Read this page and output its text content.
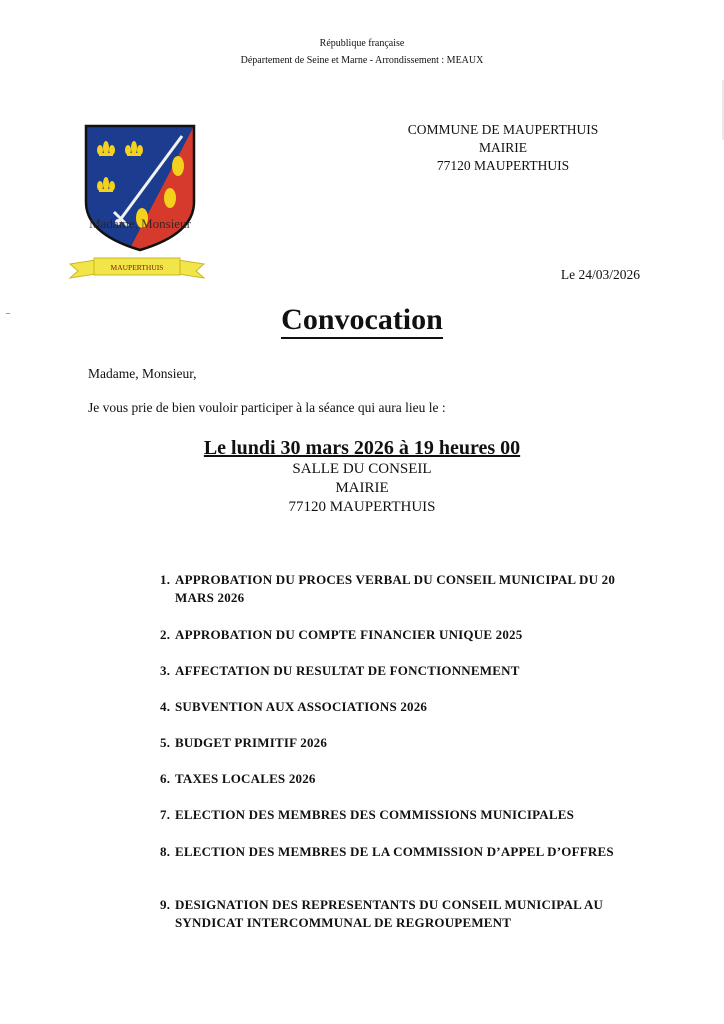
République française
Département de Seine et Marne - Arrondissement : MEAUX
Madame, Monsieur
MAUPERTHUIS
COMMUNE DE MAUPERTHUIS
MAIRIE
77120 MAUPERTHUIS
Le 24/03/2026
Convocation
Madame, Monsieur,
Je vous prie de bien vouloir participer à la séance qui aura lieu le :
Le lundi 30 mars 2026 à 19 heures 00
SALLE DU CONSEIL
MAIRIE
77120 MAUPERTHUIS
1. APPROBATION DU PROCES VERBAL DU CONSEIL MUNICIPAL DU 20 MARS 2026
2. APPROBATION DU COMPTE FINANCIER UNIQUE 2025
3. AFFECTATION DU RESULTAT DE FONCTIONNEMENT
4. SUBVENTION AUX ASSOCIATIONS 2026
5. BUDGET PRIMITIF 2026
6. TAXES LOCALES 2026
7. ELECTION DES MEMBRES DES COMMISSIONS MUNICIPALES
8. ELECTION DES MEMBRES DE LA COMMISSION D’APPEL D’OFFRES
9. DESIGNATION DES REPRESENTANTS DU CONSEIL MUNICIPAL AU SYNDICAT INTERCOMMUNAL DE REGROUPEMENT
